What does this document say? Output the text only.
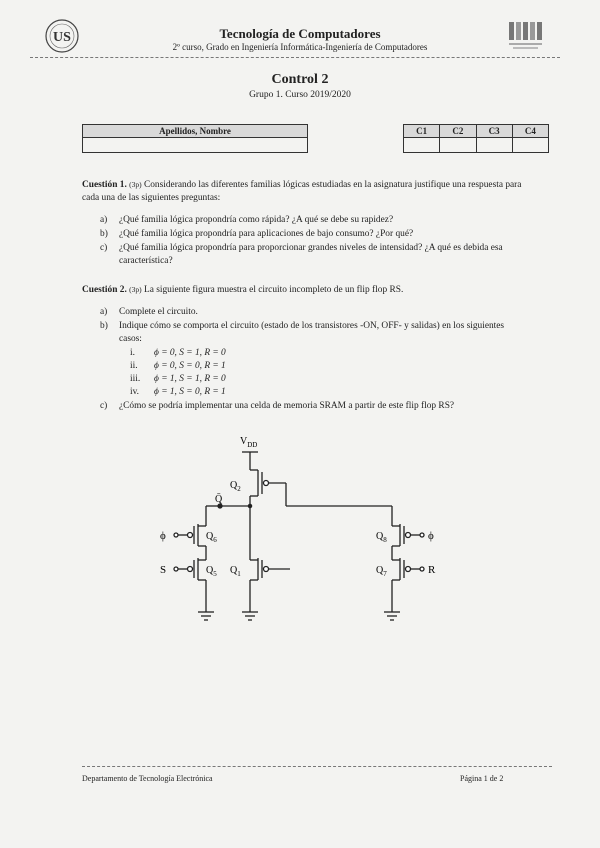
US	Tecnología de Computadores
2º curso, Grado en Ingeniería Informática-Ingeniería de Computadores
Control 2
Grupo 1. Curso 2019/2020
Apellidos, Nombre	C1	C2	C3	C4

Cuestión 1. (3p) Considerando las diferentes familias lógicas estudiadas en la asignatura justifique una respuesta para cada una de las siguientes preguntas:
a) ¿Qué familia lógica propondría como rápida? ¿A qué se debe su rapidez?
b) ¿Qué familia lógica propondría para aplicaciones de bajo consumo? ¿Por qué?
c) ¿Qué familia lógica propondría para proporcionar grandes niveles de intensidad? ¿A qué es debida esa característica?
Cuestión 2. (3p) La siguiente figura muestra el circuito incompleto de un flip flop RS.
a) Complete el circuito.
b) Indique cómo se comporta el circuito (estado de los transistores -ON, OFF- y salidas) en los siguientes casos:
i.	ϕ = 0, S = 1, R = 0
ii.	ϕ = 0, S = 0, R = 1
iii.	ϕ = 1, S = 1, R = 0
iv.	ϕ = 1, S = 0, R = 1
c) ¿Cómo se podría implementar una celda de memoria SRAM a partir de este flip flop RS?
$V_{DD}$
Q̄
$Q_2$
$Q_6$
$Q_5$ $Q_1$
$Q_8$
$Q_7$
ϕ
S
ϕ
R
Departamento de Tecnología Electrónica	Página 1 de 2
